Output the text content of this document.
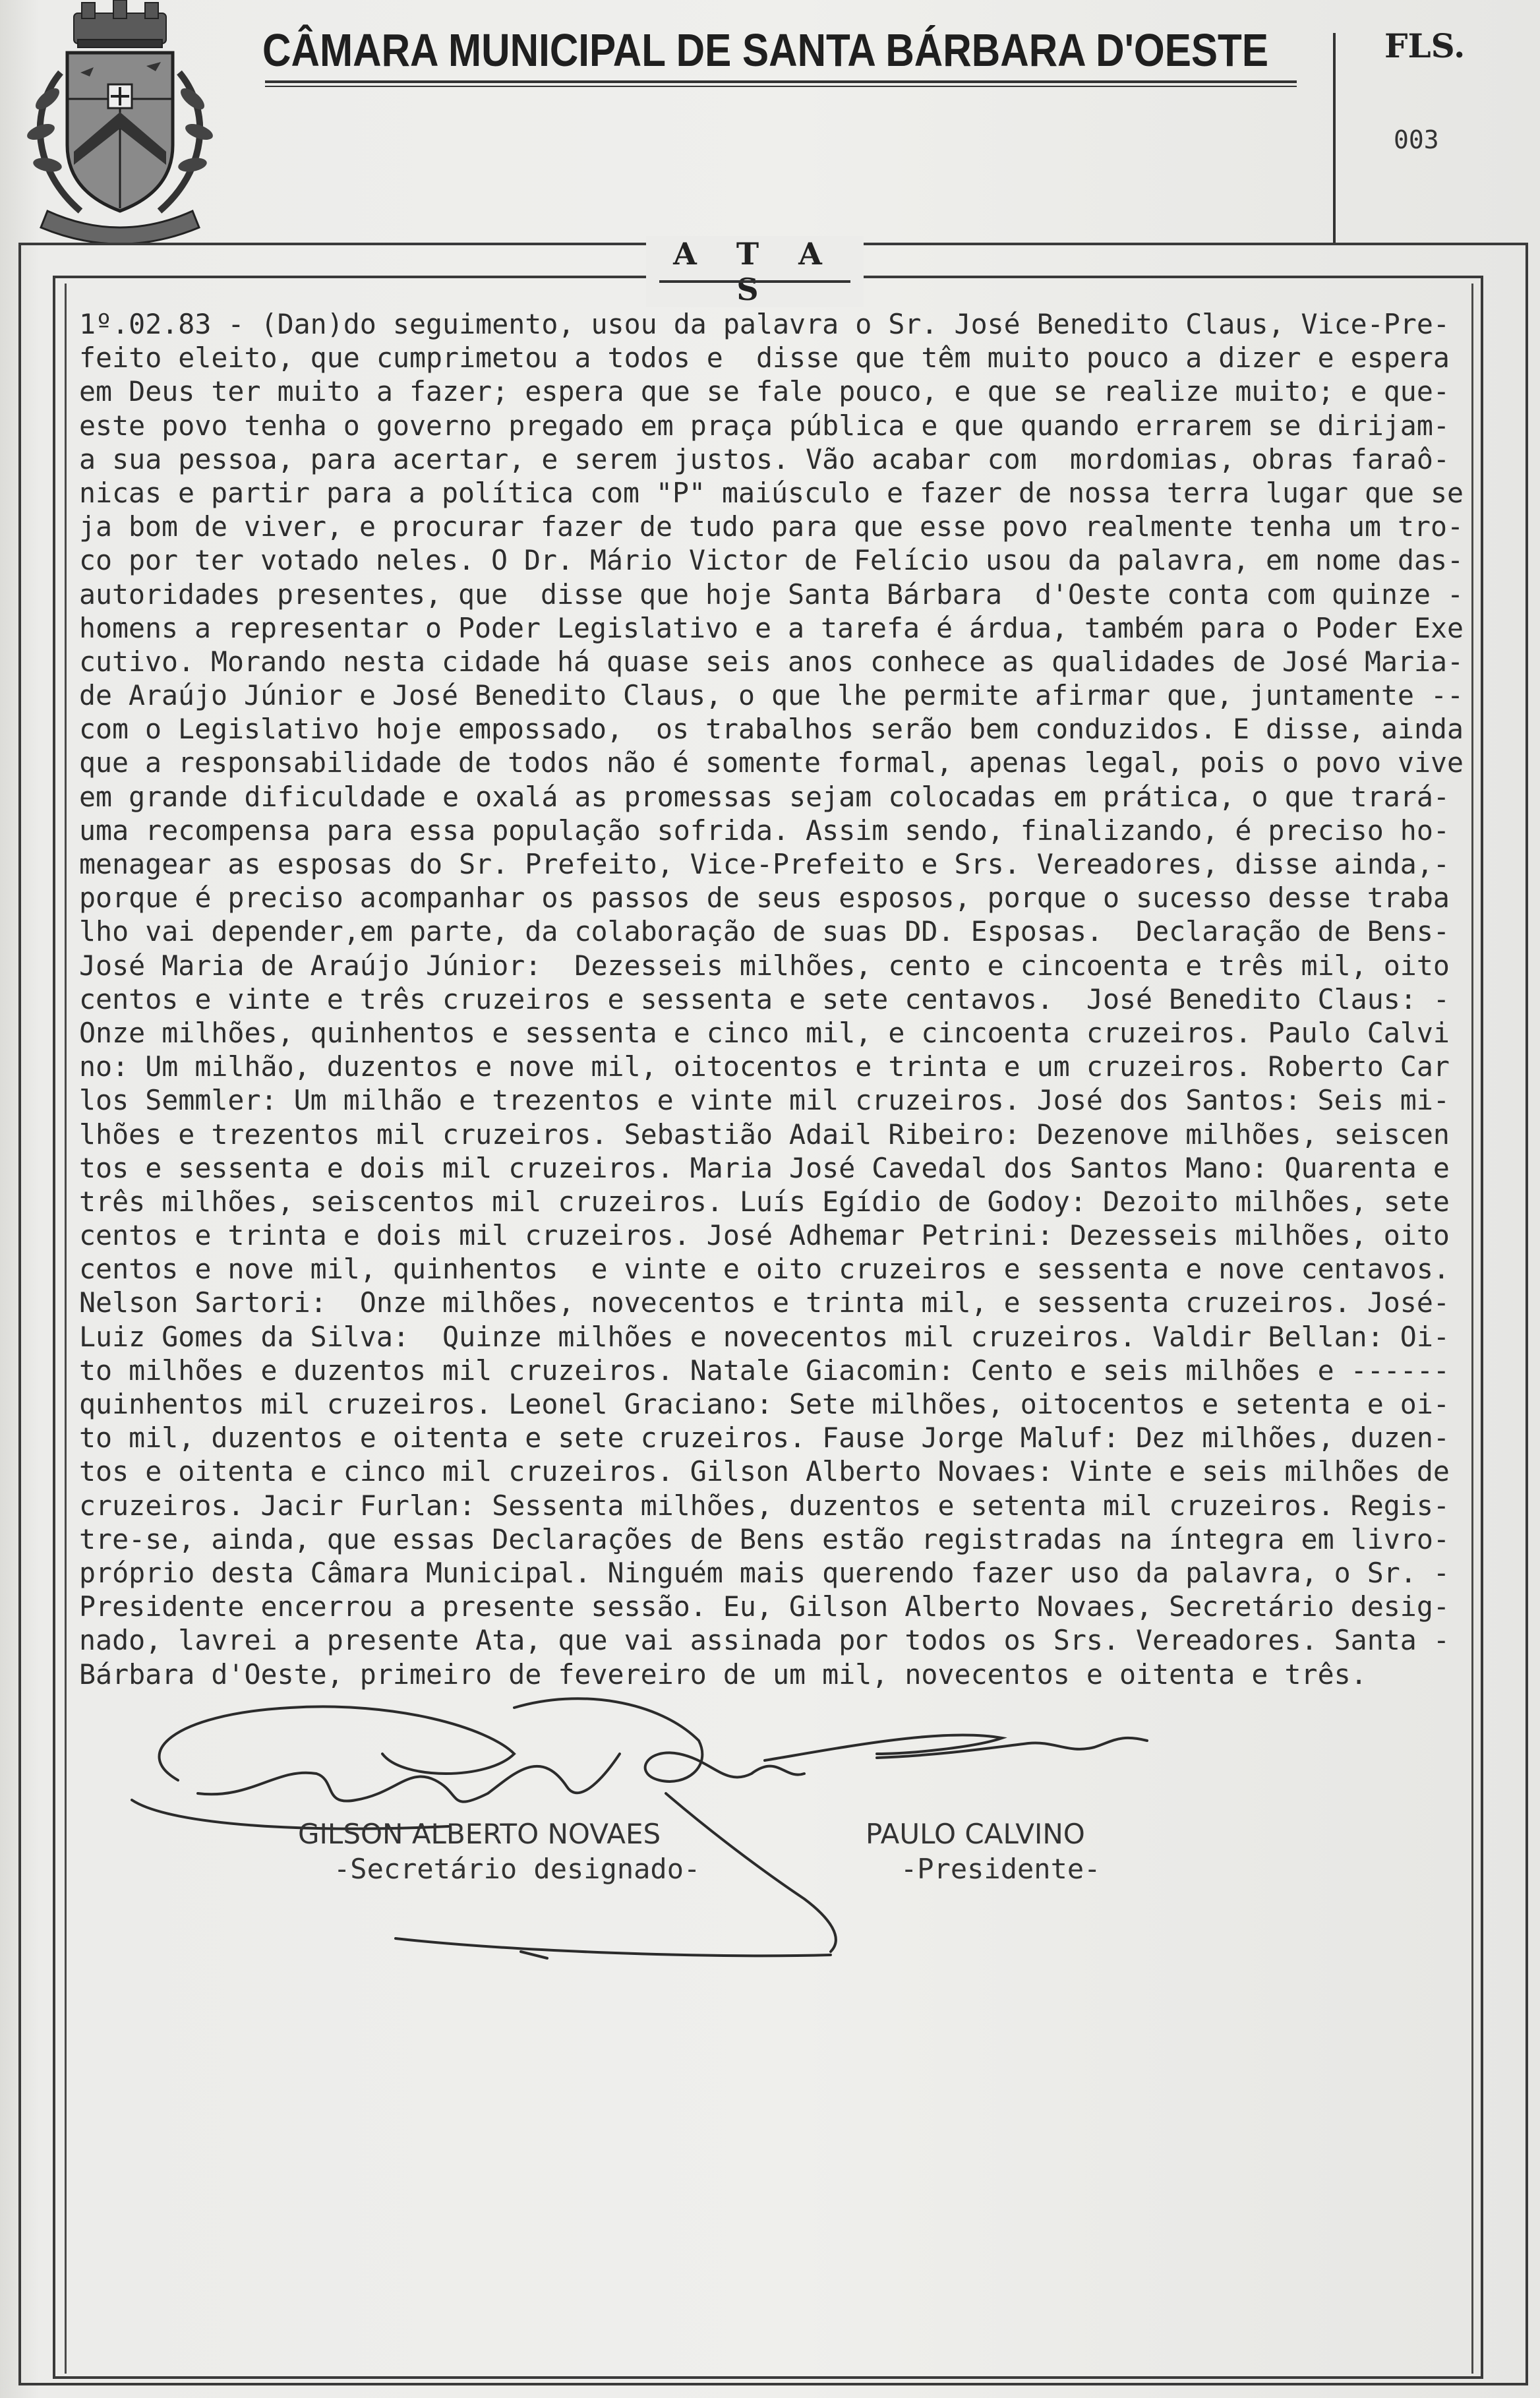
CÂMARA MUNICIPAL DE SANTA BÁRBARA D'OESTE	FLS.
003
A T A S
1º.02.83 - (Dan)do seguimento, usou da palavra o Sr. José Benedito Claus, Vice-Pre-
feito eleito, que cumprimetou a todos e  disse que têm muito pouco a dizer e espera
em Deus ter muito a fazer; espera que se fale pouco, e que se realize muito; e que-
este povo tenha o governo pregado em praça pública e que quando errarem se dirijam-
a sua pessoa, para acertar, e serem justos. Vão acabar com  mordomias, obras faraô-
nicas e partir para a política com "P" maiúsculo e fazer de nossa terra lugar que se
ja bom de viver, e procurar fazer de tudo para que esse povo realmente tenha um tro-
co por ter votado neles. O Dr. Mário Victor de Felício usou da palavra, em nome das-
autoridades presentes, que  disse que hoje Santa Bárbara  d'Oeste conta com quinze -
homens a representar o Poder Legislativo e a tarefa é árdua, também para o Poder Exe
cutivo. Morando nesta cidade há quase seis anos conhece as qualidades de José Maria-
de Araújo Júnior e José Benedito Claus, o que lhe permite afirmar que, juntamente --
com o Legislativo hoje empossado,  os trabalhos serão bem conduzidos. E disse, ainda
que a responsabilidade de todos não é somente formal, apenas legal, pois o povo vive
em grande dificuldade e oxalá as promessas sejam colocadas em prática, o que trará-
uma recompensa para essa população sofrida. Assim sendo, finalizando, é preciso ho-
menagear as esposas do Sr. Prefeito, Vice-Prefeito e Srs. Vereadores, disse ainda,-
porque é preciso acompanhar os passos de seus esposos, porque o sucesso desse traba
lho vai depender,em parte, da colaboração de suas DD. Esposas.  Declaração de Bens-
José Maria de Araújo Júnior:  Dezesseis milhões, cento e cincoenta e três mil, oito
centos e vinte e três cruzeiros e sessenta e sete centavos.  José Benedito Claus: -
Onze milhões, quinhentos e sessenta e cinco mil, e cincoenta cruzeiros. Paulo Calvi
no: Um milhão, duzentos e nove mil, oitocentos e trinta e um cruzeiros. Roberto Car
los Semmler: Um milhão e trezentos e vinte mil cruzeiros. José dos Santos: Seis mi-
lhões e trezentos mil cruzeiros. Sebastião Adail Ribeiro: Dezenove milhões, seiscen
tos e sessenta e dois mil cruzeiros. Maria José Cavedal dos Santos Mano: Quarenta e
três milhões, seiscentos mil cruzeiros. Luís Egídio de Godoy: Dezoito milhões, sete
centos e trinta e dois mil cruzeiros. José Adhemar Petrini: Dezesseis milhões, oito
centos e nove mil, quinhentos  e vinte e oito cruzeiros e sessenta e nove centavos.
Nelson Sartori:  Onze milhões, novecentos e trinta mil, e sessenta cruzeiros. José-
Luiz Gomes da Silva:  Quinze milhões e novecentos mil cruzeiros. Valdir Bellan: Oi-
to milhões e duzentos mil cruzeiros. Natale Giacomin: Cento e seis milhões e ------
quinhentos mil cruzeiros. Leonel Graciano: Sete milhões, oitocentos e setenta e oi-
to mil, duzentos e oitenta e sete cruzeiros. Fause Jorge Maluf: Dez milhões, duzen-
tos e oitenta e cinco mil cruzeiros. Gilson Alberto Novaes: Vinte e seis milhões de
cruzeiros. Jacir Furlan: Sessenta milhões, duzentos e setenta mil cruzeiros. Regis-
tre-se, ainda, que essas Declarações de Bens estão registradas na íntegra em livro-
próprio desta Câmara Municipal. Ninguém mais querendo fazer uso da palavra, o Sr. -
Presidente encerrou a presente sessão. Eu, Gilson Alberto Novaes, Secretário desig-
nado, lavrei a presente Ata, que vai assinada por todos os Srs. Vereadores. Santa -
Bárbara d'Oeste, primeiro de fevereiro de um mil, novecentos e oitenta e três.
GILSON ALBERTO NOVAES
-Secretário designado-
PAULO CALVINO
-Presidente-
